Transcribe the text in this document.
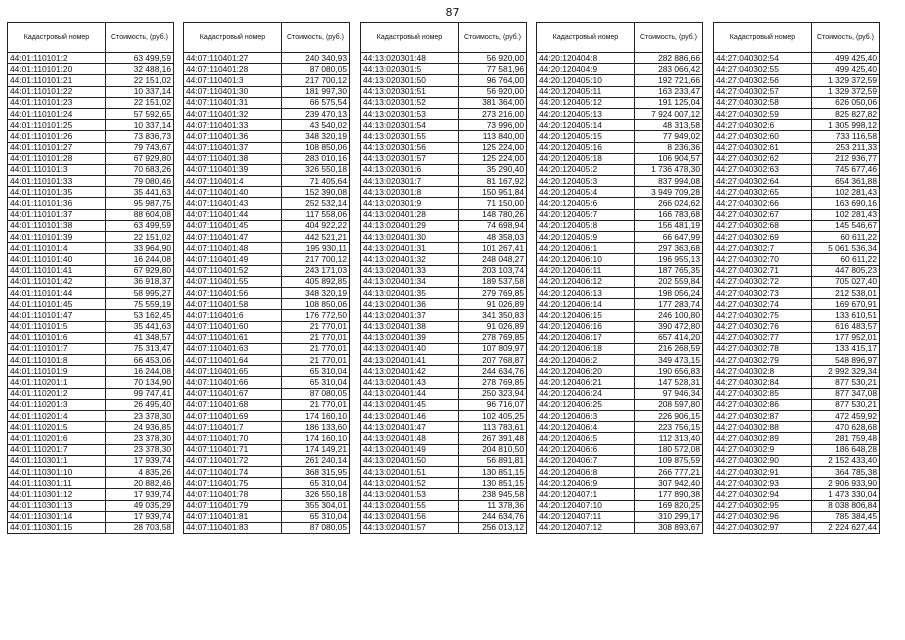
87
Кадастровый номер	Стоимость, (руб.)
44:01:110101:2	63 499,59
44:01:110101:20	32 488,16
44:01:110101:21	22 151,02
44:01:110101:22	10 337,14
44:01:110101:23	22 151,02
44:01:110101:24	57 592,65
44:01:110101:25	10 337,14
44:01:110101:26	73 836,73
44:01:110101:27	79 743,67
44:01:110101:28	67 929,80
44:01:110101:3	70 683,26
44:01:110101:33	79 080,46
44:01:110101:35	35 441,63
44:01:110101:36	95 987,75
44:01:110101:37	88 604,08
44:01:110101:38	63 499,59
44:01:110101:39	22 151,02
44:01:110101:4	33 964,90
44:01:110101:40	16 244,08
44:01:110101:41	67 929,80
44:01:110101:42	36 918,37
44:01:110101:44	58 995,27
44:01:110101:45	75 559,19
44:01:110101:47	53 162,45
44:01:110101:5	35 441,63
44:01:110101:6	41 348,57
44:01:110101:7	75 313,47
44:01:110101:8	66 453,06
44:01:110101:9	16 244,08
44:01:110201:1	70 134,90
44:01:110201:2	99 747,41
44:01:110201:3	26 495,40
44:01:110201:4	23 378,30
44:01:110201:5	24 936,85
44:01:110201:6	23 378,30
44:01:110201:7	23 378,30
44:01:110301:1	17 939,74
44:01:110301:10	4 835,26
44:01:110301:11	20 882,46
44:01:110301:12	17 939,74
44:01:110301:13	49 035,29
44:01:110301:14	17 939,74
44:01:110301:15	28 703,58
Кадастровый номер	Стоимость, (руб.)
44:07:110401:27	240 340,93
44:07:110401:28	87 080,05
44:07:110401:3	217 700,12
44:07:110401:30	181 997,30
44:07:110401:31	66 575,54
44:07:110401:32	239 470,13
44:07:110401:33	43 540,02
44:07:110401:36	348 320,19
44:07:110401:37	108 850,06
44:07:110401:38	283 010,16
44:07:110401:39	326 550,18
44:07:110401:4	71 405,64
44:07:110401:40	152 390,08
44:07:110401:43	252 532,14
44:07:110401:44	117 558,06
44:07:110401:45	404 922,22
44:07:110401:47	442 521,21
44:07:110401:48	195 930,11
44:07:110401:49	217 700,12
44:07:110401:52	243 171,03
44:07:110401:55	405 892,85
44:07:110401:56	348 320,19
44:07:110401:58	108 850,06
44:07:110401:6	176 772,50
44:07:110401:60	21 770,01
44:07:110401:61	21 770,01
44:07:110401:63	21 770,01
44:07:110401:64	21 770,01
44:07:110401:65	65 310,04
44:07:110401:66	65 310,04
44:07:110401:67	87 080,05
44:07:110401:68	21 770,01
44:07:110401:69	174 160,10
44:07:110401:7	186 133,60
44:07:110401:70	174 160,10
44:07:110401:71	174 149,21
44:07:110401:72	261 240,14
44:07:110401:74	368 315,95
44:07:110401:75	65 310,04
44:07:110401:78	326 550,18
44:07:110401:79	355 304,01
44:07:110401:81	65 310,04
44:07:110401:83	87 080,05
Кадастровый номер	Стоимость, (руб.)
44:13:020301:48	56 920,00
44:13:020301:5	77 581,96
44:13:020301:50	96 764,00
44:13:020301:51	56 920,00
44:13:020301:52	381 364,00
44:13:020301:53	273 216,00
44:13:020301:54	73 996,00
44:13:020301:55	113 840,00
44:13:020301:56	125 224,00
44:13:020301:57	125 224,00
44:13:020301:6	35 290,40
44:13:020301:7	81 167,92
44:13:020301:8	150 951,84
44:13:020301:9	71 150,00
44:13:020401:28	148 780,26
44:13:020401:29	74 698,94
44:13:020401:30	48 358,03
44:13:020401:31	101 267,41
44:13:020401:32	248 048,27
44:13:020401:33	203 103,74
44:13:020401:34	189 537,58
44:13:020401:35	279 769,85
44:13:020401:36	91 026,89
44:13:020401:37	341 350,83
44:13:020401:38	91 026,89
44:13:020401:39	278 769,85
44:13:020401:40	107 809,97
44:13:020401:41	207 768,87
44:13:020401:42	244 634,76
44:13:020401:43	278 769,85
44:13:020401:44	250 323,94
44:13:020401:45	96 716,07
44:13:020401:46	102 405,25
44:13:020401:47	113 783,61
44:13:020401:48	267 391,48
44:13:020401:49	204 810,50
44:13:020401:50	56 891,81
44:13:020401:51	130 851,15
44:13:020401:52	130 851,15
44:13:020401:53	238 945,58
44:13:020401:55	11 378,36
44:13:020401:56	244 634,76
44:13:020401:57	256 013,12
Кадастровый номер	Стоимость, (руб.)
44:20:120404:8	282 886,66
44:20:120404:9	283 066,42
44:20:120405:10	192 721,66
44:20:120405:11	163 233,47
44:20:120405:12	191 125,04
44:20:120405:13	7 924 007,12
44:20:120405:14	48 313,58
44:20:120405:15	77 949,02
44:20:120405:16	8 236,36
44:20:120405:18	106 904,57
44:20:120405:2	1 736 478,30
44:20:120405:3	837 994,08
44:20:120405:4	3 949 709,28
44:20:120405:6	266 024,62
44:20:120405:7	166 783,68
44:20:120405:8	156 481,19
44:20:120405:9	66 647,99
44:20:120406:1	297 363,68
44:20:120406:10	196 955,13
44:20:120406:11	187 765,35
44:20:120406:12	202 559,84
44:20:120406:13	198 056,24
44:20:120406:14	177 283,74
44:20:120406:15	246 100,80
44:20:120406:16	390 472,80
44:20:120406:17	657 414,20
44:20:120406:18	216 268,59
44:20:120406:2	349 473,15
44:20:120406:20	190 656,83
44:20:120406:21	147 528,31
44:20:120406:24	97 946,34
44:20:120406:25	208 597,80
44:20:120406:3	226 906,15
44:20:120406:4	223 756,15
44:20:120406:5	112 313,40
44:20:120406:6	180 572,08
44:20:120406:7	109 875,59
44:20:120406:8	266 777,21
44:20:120406:9	307 942,40
44:20:120407:1	177 890,38
44:20:120407:10	169 820,25
44:20:120407:11	310 299,17
44:20:120407:12	308 893,67
Кадастровый номер	Стоимость, (руб.)
44:27:040302:54	499 425,40
44:27:040302:55	499 425,40
44:27:040302:56	1 329 372,59
44:27:040302:57	1 329 372,59
44:27:040302:58	626 050,06
44:27:040302:59	825 827,82
44:27:040302:6	1 305 998,12
44:27:040302:60	733 116,58
44:27:040302:61	253 211,33
44:27:040302:62	212 936,77
44:27:040302:63	745 677,46
44:27:040302:64	654 361,88
44:27:040302:65	102 281,43
44:27:040302:66	163 690,16
44:27:040302:67	102 281,43
44:27:040302:68	145 546,67
44:27:040302:69	60 611,22
44:27:040302:7	5 061 536,34
44:27:040302:70	60 611,22
44:27:040302:71	447 805,23
44:27:040302:72	705 027,40
44:27:040302:73	212 538,01
44:27:040302:74	169 670,91
44:27:040302:75	133 610,51
44:27:040302:76	616 483,57
44:27:040302:77	177 952,01
44:27:040302:78	133 415,17
44:27:040302:79	548 896,97
44:27:040302:8	2 992 329,34
44:27:040302:84	877 530,21
44:27:040302:85	877 347,08
44:27:040302:86	877 530,21
44:27:040302:87	472 459,92
44:27:040302:88	470 628,68
44:27:040302:89	281 759,48
44:27:040302:9	186 648,28
44:27:040302:90	2 152 433,40
44:27:040302:91	364 785,38
44:27:040302:93	2 906 933,90
44:27:040302:94	1 473 330,04
44:27:040302:95	8 038 806,84
44:27:040302:96	785 384,45
44:27:040302:97	2 224 627,44
